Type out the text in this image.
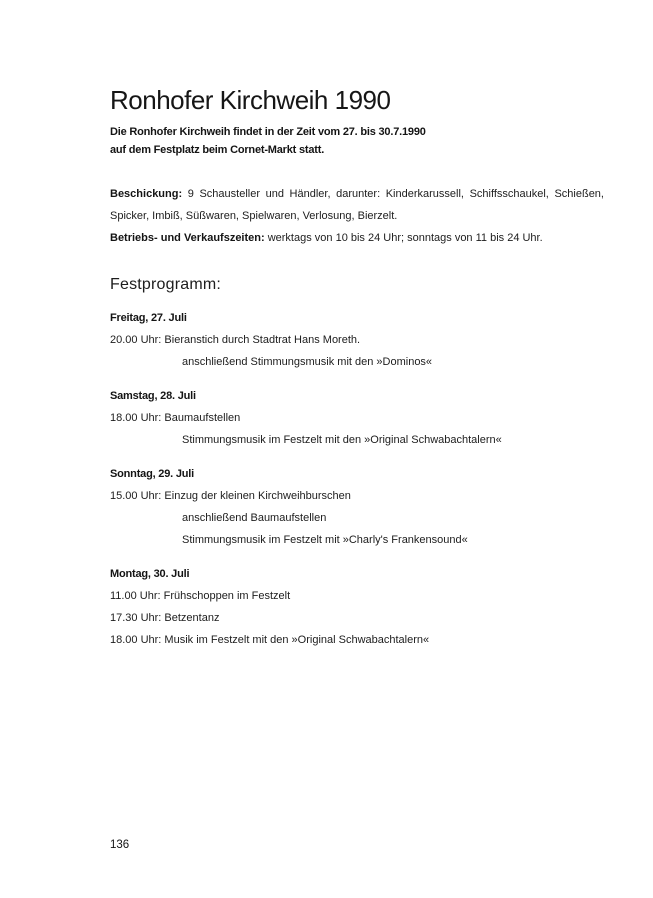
Ronhofer Kirchweih 1990
Die Ronhofer Kirchweih findet in der Zeit vom 27. bis 30.7.1990
auf dem Festplatz beim Cornet-Markt statt.

Beschickung: 9 Schausteller und Händler, darunter: Kinderkarussell, Schiffsschaukel, Schießen, Spicker, Imbiß, Süßwaren, Spielwaren, Verlosung, Bierzelt.

Betriebs- und Verkaufszeiten: werktags von 10 bis 24 Uhr; sonntags von 11 bis 24 Uhr.

Festprogramm:
Freitag, 27. Juli
20.00 Uhr: Bieranstich durch Stadtrat Hans Moreth.
anschließend Stimmungsmusik mit den »Dominos«
Samstag, 28. Juli
18.00 Uhr: Baumaufstellen
Stimmungsmusik im Festzelt mit den »Original Schwabachtalern«
Sonntag, 29. Juli
15.00 Uhr: Einzug der kleinen Kirchweihburschen
anschließend Baumaufstellen
Stimmungsmusik im Festzelt mit »Charly's Frankensound«
Montag, 30. Juli
11.00 Uhr: Frühschoppen im Festzelt
17.30 Uhr: Betzentanz
18.00 Uhr: Musik im Festzelt mit den »Original Schwabachtalern«
136
